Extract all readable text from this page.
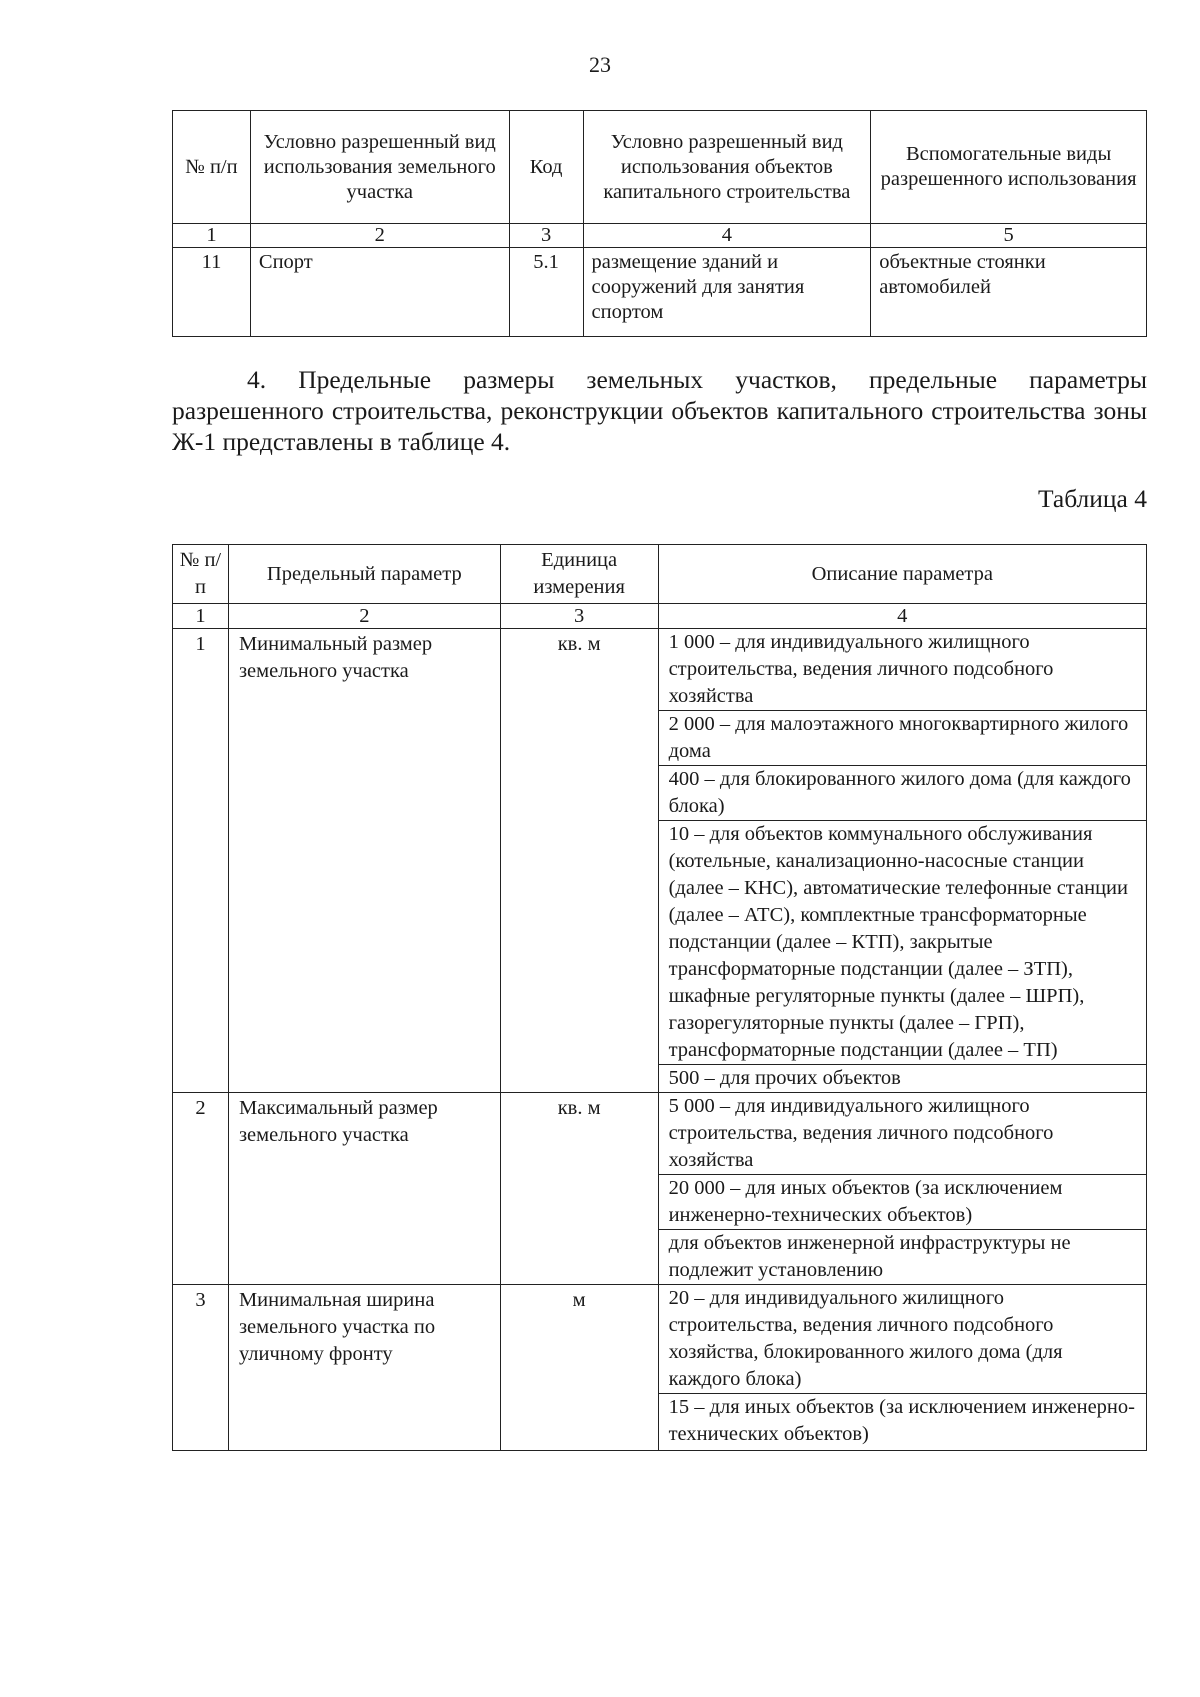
23
№ п/п	Условно разрешенный вид использования земельного участка	Код	Условно разрешенный вид использования объектов капитального строительства	Вспомогательные виды разрешенного использования
1	2	3	4	5
11	Спорт	5.1	размещение зданий и сооружений для занятия спортом	объектные стоянки автомобилей
4. Предельные размеры земельных участков, предельные параметры разрешенного строительства, реконструкции объектов капитального строительства зоны Ж-1 представлены в таблице 4.
Таблица 4
№ п/п	Предельный параметр	Единица измерения	Описание параметра
1	2	3	4
1	Минимальный размер земельного участка	кв. м	1 000 – для индивидуального жилищного строительства, ведения личного подсобного хозяйства
			2 000 – для малоэтажного многоквартирного жилого дома
			400 – для блокированного жилого дома (для каждого блока)
			10 – для объектов коммунального обслуживания (котельные, канализационно-насосные станции (далее – КНС), автоматические телефонные станции (далее – АТС), комплектные трансформаторные подстанции (далее – КТП), закрытые трансформаторные подстанции (далее – ЗТП), шкафные регуляторные пункты (далее – ШРП), газорегуляторные пункты (далее – ГРП), трансформаторные подстанции (далее – ТП)
			500 – для прочих объектов
2	Максимальный размер земельного участка	кв. м	5 000 – для индивидуального жилищного строительства, ведения личного подсобного хозяйства
			20 000 – для иных объектов (за исключением инженерно-технических объектов)
			для объектов инженерной инфраструктуры не подлежит установлению
3	Минимальная ширина земельного участка по уличному фронту	м	20 – для индивидуального жилищного строительства, ведения личного подсобного хозяйства, блокированного жилого дома (для каждого блока)
			15 – для иных объектов (за исключением инженерно-технических объектов)
